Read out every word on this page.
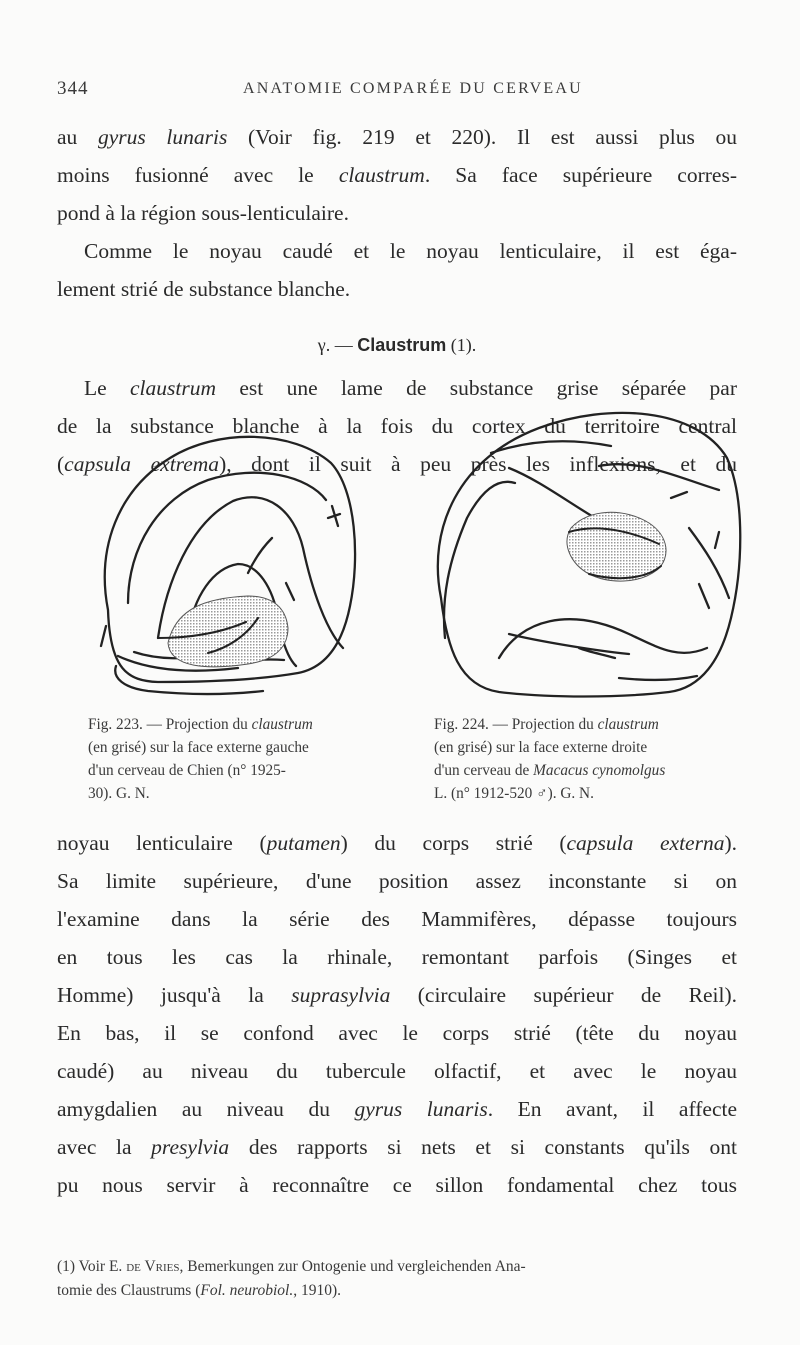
344	ANATOMIE COMPARÉE DU CERVEAU
au gyrus lunaris (Voir fig. 219 et 220). Il est aussi plus ou
moins fusionné avec le claustrum. Sa face supérieure corres-
pond à la région sous-lenticulaire.
Comme le noyau caudé et le noyau lenticulaire, il est éga-
lement strié de substance blanche.
γ. — Claustrum (1).
Le claustrum est une lame de substance grise séparée par
de la substance blanche à la fois du cortex du territoire central
(capsula extrema), dont il suit à peu près les inflexions, et du
Fig. 223. — Projection du claustrum
(en grisé) sur la face externe gauche
d'un cerveau de Chien (n° 1925-
30). G. N.
Fig. 224. — Projection du claustrum
(en grisé) sur la face externe droite
d'un cerveau de Macacus cynomolgus
L. (n° 1912-520 ♂). G. N.
noyau lenticulaire (putamen) du corps strié (capsula externa).
Sa limite supérieure, d'une position assez inconstante si on
l'examine dans la série des Mammifères, dépasse toujours
en tous les cas la rhinale, remontant parfois (Singes et
Homme) jusqu'à la suprasylvia (circulaire supérieur de Reil).
En bas, il se confond avec le corps strié (tête du noyau
caudé) au niveau du tubercule olfactif, et avec le noyau
amygdalien au niveau du gyrus lunaris. En avant, il affecte
avec la presylvia des rapports si nets et si constants qu'ils ont
pu nous servir à reconnaître ce sillon fondamental chez tous
(1) Voir E. de Vries, Bemerkungen zur Ontogenie und vergleichenden Ana-
tomie des Claustrums (Fol. neurobiol., 1910).
